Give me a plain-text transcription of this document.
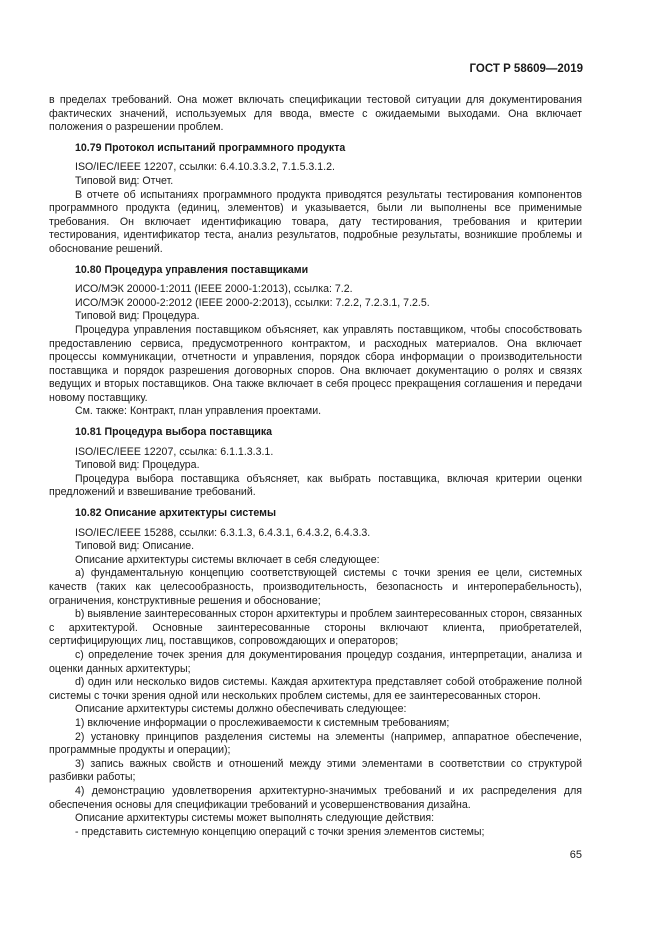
ГОСТ Р 58609—2019

в пределах требований. Она может включать спецификации тестовой ситуации для документирования фактических значений, используемых для ввода, вместе с ожидаемыми выходами. Она включает положения о разрешении проблем.

10.79 Протокол испытаний программного продукта

ISO/IEC/IEEE 12207, ссылки: 6.4.10.3.3.2, 7.1.5.3.1.2.

Типовой вид: Отчет.

В отчете об испытаниях программного продукта приводятся результаты тестирования компонентов программного продукта (единиц, элементов) и указывается, были ли выполнены все применимые требования. Он включает идентификацию товара, дату тестирования, требования и критерии тестирования, идентификатор теста, анализ результатов, подробные результаты, возникшие проблемы и обоснование решений.

10.80 Процедура управления поставщиками

ИСО/МЭК 20000-1:2011 (IEEE 2000-1:2013), ссылка: 7.2.

ИСО/МЭК 20000-2:2012 (IEEE 2000-2:2013), ссылки: 7.2.2, 7.2.3.1, 7.2.5.

Типовой вид: Процедура.

Процедура управления поставщиком объясняет, как управлять поставщиком, чтобы способствовать предоставлению сервиса, предусмотренного контрактом, и расходных материалов. Она включает процессы коммуникации, отчетности и управления, порядок сбора информации о производительности поставщика и порядок разрешения договорных споров. Она включает документацию о ролях и связях ведущих и вторых поставщиков. Она также включает в себя процесс прекращения соглашения и передачи новому поставщику.

См. также: Контракт, план управления проектами.

10.81 Процедура выбора поставщика

ISO/IEC/IEEE 12207, ссылка: 6.1.1.3.3.1.

Типовой вид: Процедура.

Процедура выбора поставщика объясняет, как выбрать поставщика, включая критерии оценки предложений и взвешивание требований.

10.82 Описание архитектуры системы

ISO/IEC/IEEE 15288, ссылки: 6.3.1.3, 6.4.3.1, 6.4.3.2, 6.4.3.3.

Типовой вид: Описание.

Описание архитектуры системы включает в себя следующее:

а) фундаментальную концепцию соответствующей системы с точки зрения ее цели, системных качеств (таких как целесообразность, производительность, безопасность и интероперабельность), ограничения, конструктивные решения и обоснование;

b) выявление заинтересованных сторон архитектуры и проблем заинтересованных сторон, связанных с архитектурой. Основные заинтересованные стороны включают клиента, приобретателей, сертифицирующих лиц, поставщиков, сопровождающих и операторов;

c) определение точек зрения для документирования процедур создания, интерпретации, анализа и оценки данных архитектуры;

d) один или несколько видов системы. Каждая архитектура представляет собой отображение полной системы с точки зрения одной или нескольких проблем системы, для ее заинтересованных сторон.

Описание архитектуры системы должно обеспечивать следующее:

1) включение информации о прослеживаемости к системным требованиям;

2) установку принципов разделения системы на элементы (например, аппаратное обеспечение, программные продукты и операции);

3) запись важных свойств и отношений между этими элементами в соответствии со структурой разбивки работы;

4) демонстрацию удовлетворения архитектурно-значимых требований и их распределения для обеспечения основы для спецификации требований и усовершенствования дизайна.

Описание архитектуры системы может выполнять следующие действия:

- представить системную концепцию операций с точки зрения элементов системы;

65
